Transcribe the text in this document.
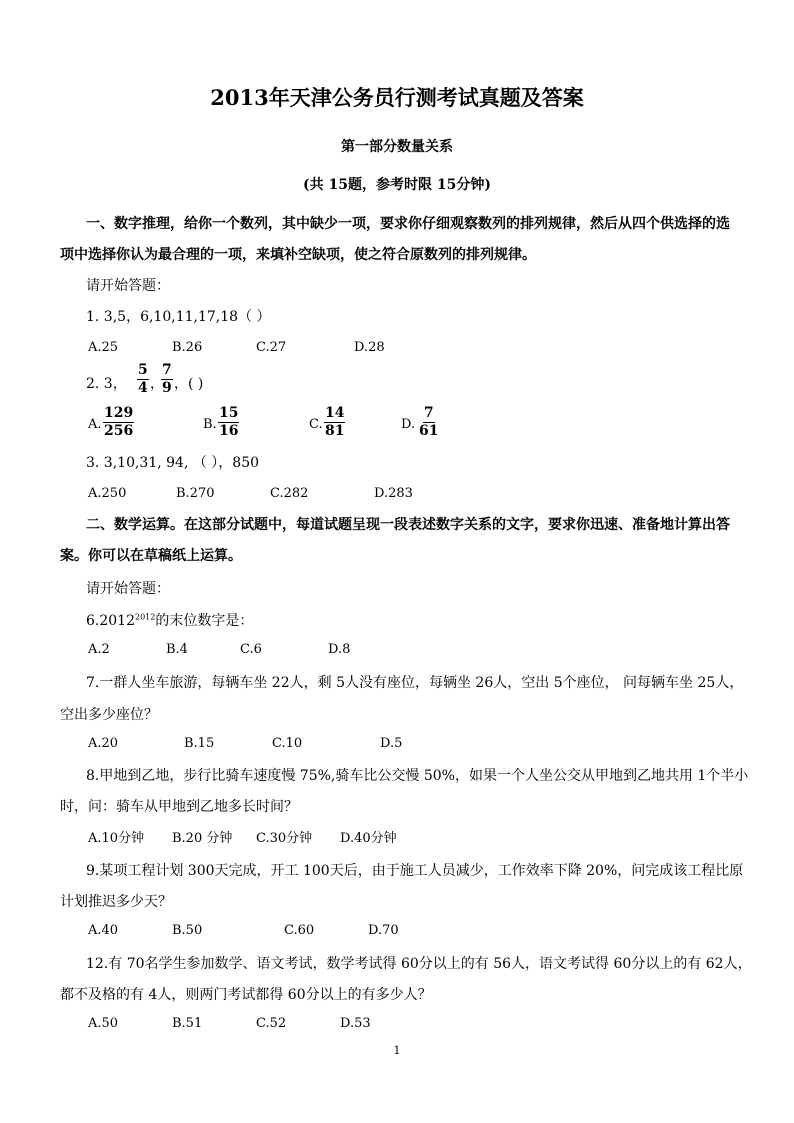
2013年天津公务员行测考试真题及答案
第一部分数量关系
(共 15题，参考时限 15分钟)
一、数字推理，给你一个数列，其中缺少一项，要求你仔细观察数列的排列规律，然后从四个供选择的选
项中选择你认为最合理的一项，来填补空缺项，使之符合原数列的排列规律。
请开始答题：
1. 3,5，6,10,11,17,18（ ）
A.25	B.26	C.27	D.28
2. 3， $\frac{5}{4}$ ，
$\frac{7}{9}$ ，( )
A. $\frac{129}{256}$	B. $\frac{15}{16}$	C. $\frac{14}{81}$	D. $\frac{7}{61}$
3. 3,10,31, 94, （ ），850
A.250	B.270	C.282	D.283
二、数学运算。在这部分试题中，每道试题呈现一段表述数字关系的文字，要求你迅速、准备地计算出答
案。你可以在草稿纸上运算。
请开始答题：
$6.2012^{2012}$的末位数字是：
A.2	B.4	C.6	D.8
7.一群人坐车旅游，每辆车坐 22人，剩 5人没有座位，每辆坐 26人，空出 5个座位， 问每辆车坐 25人，
空出多少座位？
A.20	B.15	C.10	D.5
8.甲地到乙地，步行比骑车速度慢 75%,骑车比公交慢 50%，如果一个人坐公交从甲地到乙地共用 1个半小
时，问：骑车从甲地到乙地多长时间？
A.10分钟 B.20 分钟 C.30分钟 D.40分钟
9.某项工程计划 300天完成，开工 100天后，由于施工人员减少，工作效率下降 20%，问完成该工程比原
计划推迟多少天？
A.40	B.50	C.60	D.70
12.有 70名学生参加数学、语文考试，数学考试得 60分以上的有 56人，语文考试得 60分以上的有 62人，
都不及格的有 4人，则两门考试都得 60分以上的有多少人？
A.50	B.51	C.52	D.53
1
